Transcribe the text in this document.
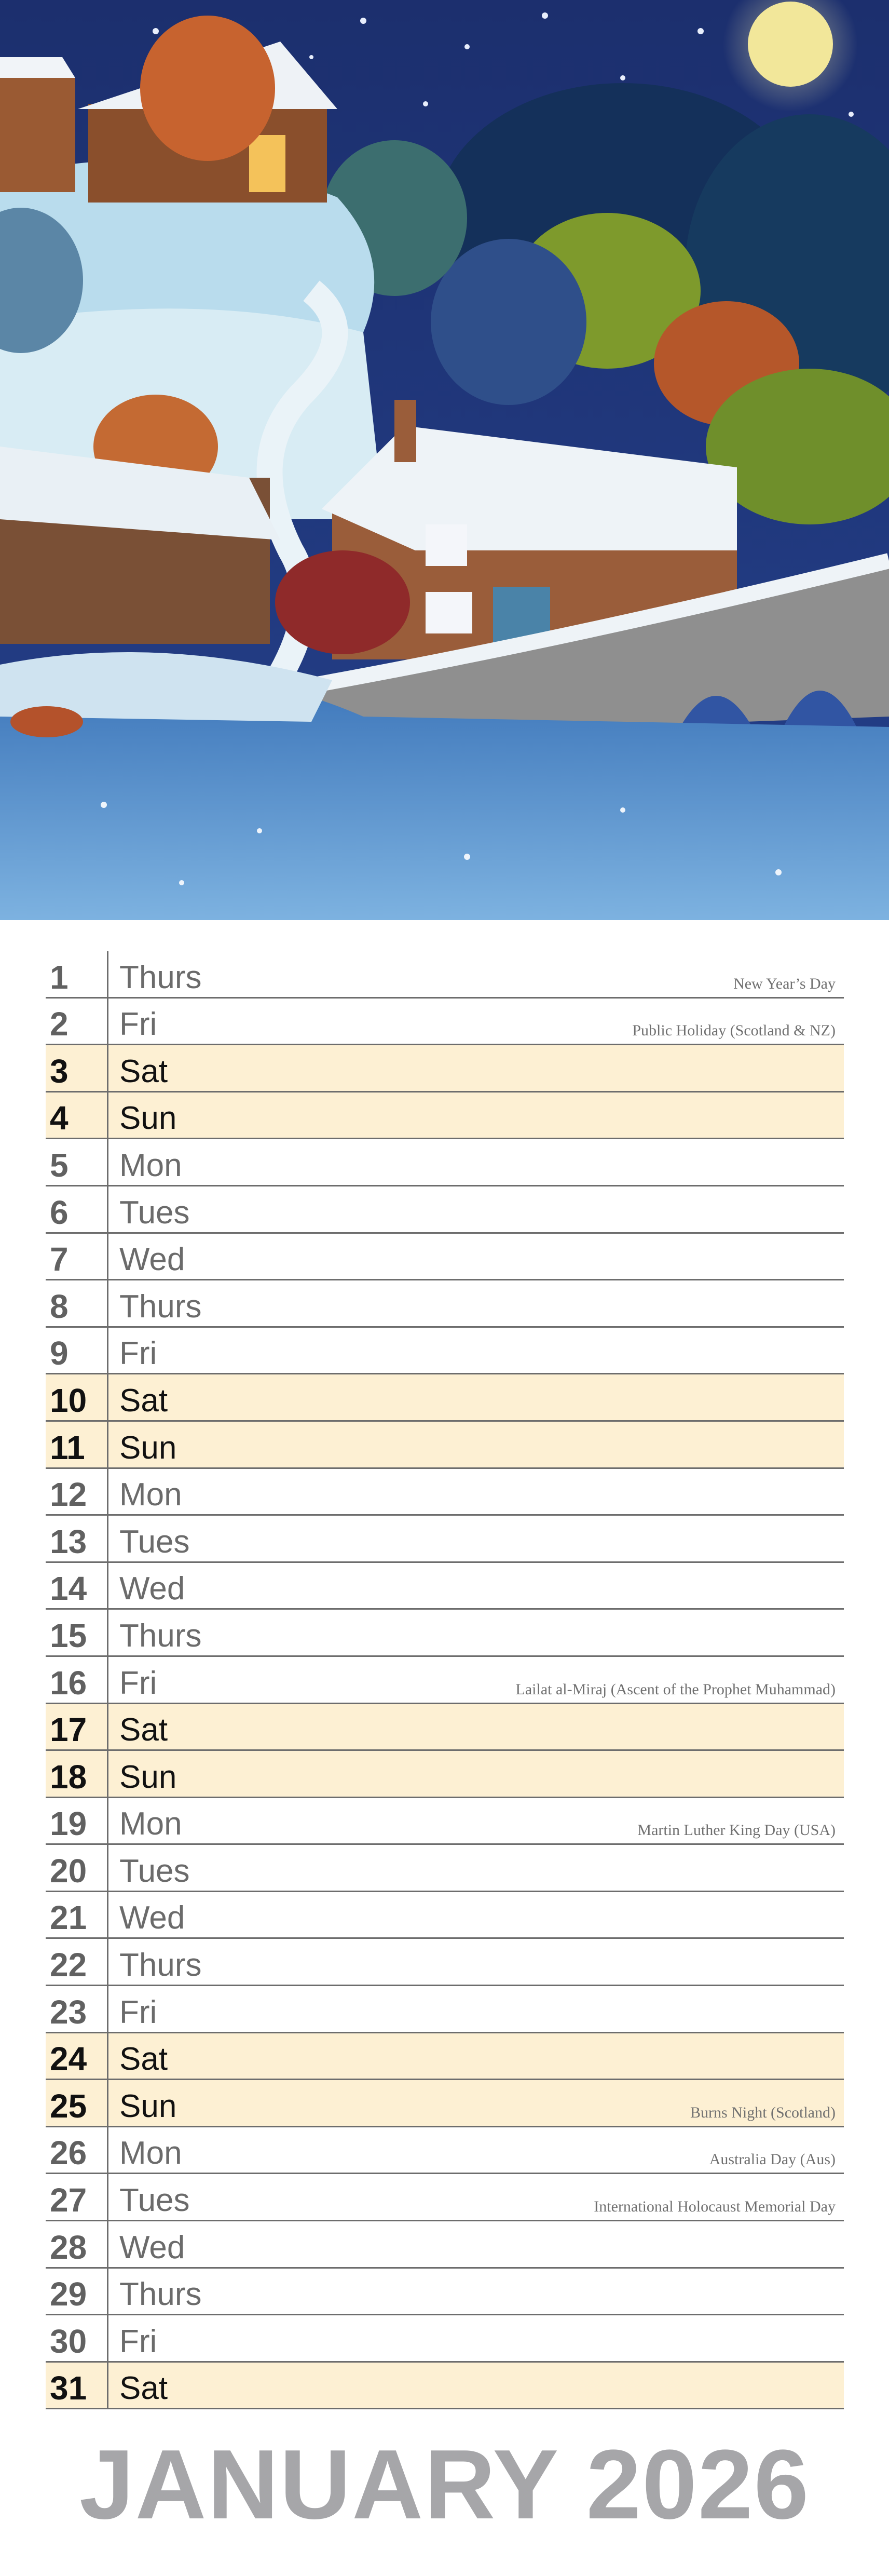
1	Thurs	New Year’s Day
2	Fri	Public Holiday (Scotland & NZ)
3	Sat
4	Sun
5	Mon
6	Tues
7	Wed
8	Thurs
9	Fri
10	Sat
11	Sun
12	Mon
13	Tues
14	Wed
15	Thurs
16	Fri	Lailat al-Miraj (Ascent of the Prophet Muhammad)
17	Sat
18	Sun
19	Mon	Martin Luther King Day (USA)
20	Tues
21	Wed
22	Thurs
23	Fri
24	Sat
25	Sun	Burns Night (Scotland)
26	Mon	Australia Day (Aus)
27	Tues	International Holocaust Memorial Day
28	Wed
29	Thurs
30	Fri
31	Sat
JANUARY 2026
